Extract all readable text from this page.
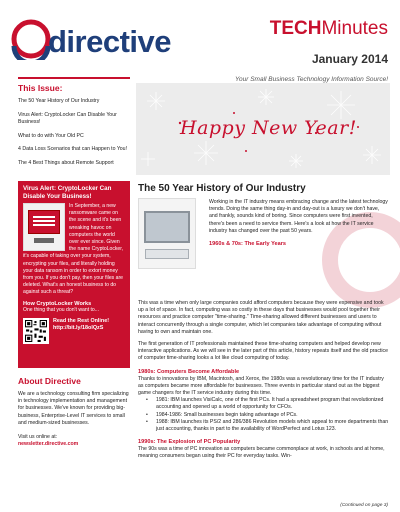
directive	TECHMinutes
January 2014
Your Small Business Technology Information Source!
This Issue:
The 50 Year History of Our Industry
Virus Alert: CryptoLocker Can Disable Your Business!
What to do with Your Old PC
4 Data Loss Scenarios that can Happen to You!
The 4 Best Things about Remote Support
Virus Alert: CryptoLocker Can Disable Your Business!
In September, a new ransomware came on the scene and it's been wreaking havoc on computers the world over ever since. Given the name CryptoLocker, it's capable of taking over your system, encrypting your files, and literally holding your data ransom in order to extort money from you. If you don't pay, then your files are deleted. What's an honest business to do against such a threat?
How CryptoLocker Works
One thing that you don't want to...
Read the Rest Online! http://bit.ly/18oIQzS
About Directive
We are a technology consulting firm specializing in technology implementation and management for businesses. We've known for providing big-business, Enterprise-Level IT services to small and medium-sized businesses.
Visit us online at:
newsletter.directive.com
Happy New Year!
The 50 Year History of Our Industry
Working in the IT industry means embracing change and the latest technology trends. Doing the same thing day-in and day-out is a luxury we don't have, and frankly, sounds kind of boring. Since computers were first invented, there's been a need to service them. Here's a look at how the IT service industry has changed over the past 50 years.
1960s & 70s: The Early Years
This was a time when only large companies could afford computers because they were expensive and took up a lot of space. In fact, computing was so costly in these days that businesses would pool together their resources and practice computer "time-sharing." Time-sharing allowed different businesses and users to interact concurrently through a single computer, which let companies take advantage of computing without having to own and maintain one.
The first generation of IT professionals maintained these time-sharing computers and helped develop new interactive applications. As we will see in the later part of this article, history repeats itself and the old practice of computer time-sharing looks a lot like cloud computing of today.
1980s: Computers Become Affordable
Thanks to innovations by IBM, Macintosh, and Xerox, the 1980s was a revolutionary time for the IT industry as computers became more affordable for businesses. Three events in particular stand out as the biggest game changers for the IT service industry during this time.
•	1981: IBM launches VisiCalc, one of the first PCs. It had a spreadsheet program that revolutionized accounting and opened up a world of opportunity for CFOs.
•	1984-1986: Small businesses begin taking advantage of PCs.
•	1988: IBM launches its PS/2 and 286/386 Revolution models which appeal to more departments than just accounting, thanks in part to the availability of WordPerfect and Lotus 123.
1990s: The Explosion of PC Popularity
The 90s was a time of PC innovation as computers became commonplace at work, in schools and at home, meaning consumers began using their PC for everyday tasks. Win-
(Continued on page 3)
